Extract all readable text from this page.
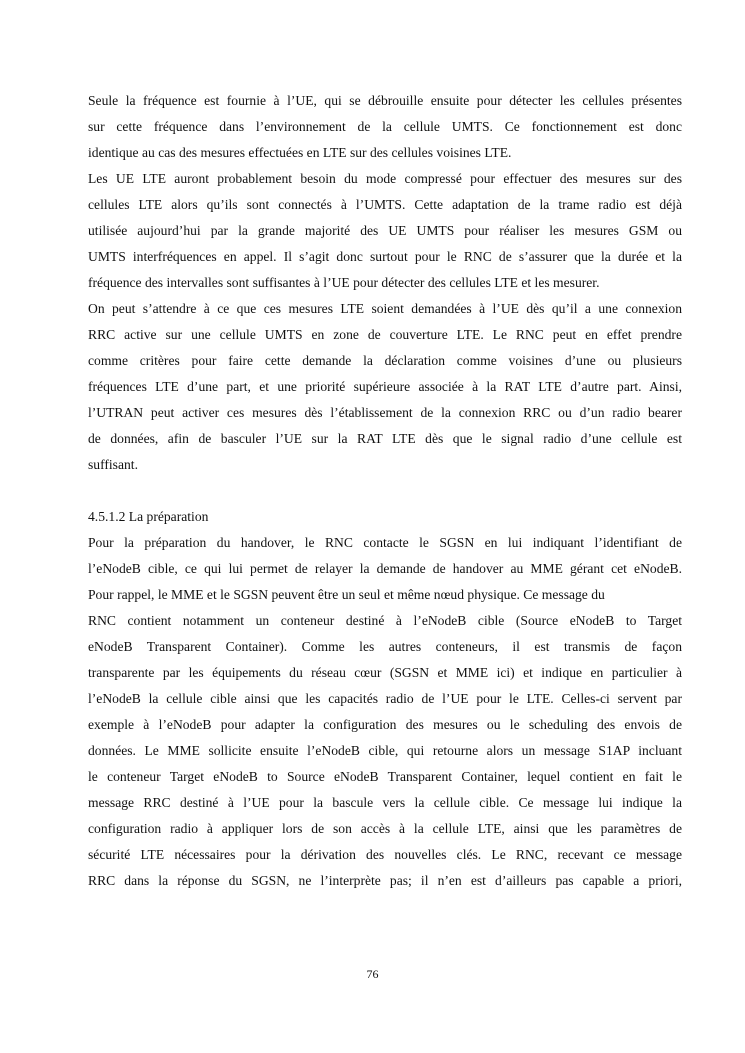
Seule la fréquence est fournie à l’UE, qui se débrouille ensuite pour détecter les cellules présentes
sur cette fréquence dans l’environnement de la cellule UMTS. Ce fonctionnement est donc
identique au cas des mesures effectuées en LTE sur des cellules voisines LTE.
Les UE LTE auront probablement besoin du mode compressé pour effectuer des mesures sur des
cellules LTE alors qu’ils sont connectés à l’UMTS. Cette adaptation de la trame radio est déjà
utilisée aujourd’hui par la grande majorité des UE UMTS pour réaliser les mesures GSM ou
UMTS interfréquences en appel. Il s’agit donc surtout pour le RNC de s’assurer que la durée et la
fréquence des intervalles sont suffisantes à l’UE pour détecter des cellules LTE et les mesurer.
On peut s’attendre à ce que ces mesures LTE soient demandées à l’UE dès qu’il a une connexion
RRC active sur une cellule UMTS en zone de couverture LTE. Le RNC peut en effet prendre
comme critères pour faire cette demande la déclaration comme voisines d’une ou plusieurs
fréquences LTE d’une part, et une priorité supérieure associée à la RAT LTE d’autre part. Ainsi,
l’UTRAN peut activer ces mesures dès l’établissement de la connexion RRC ou d’un radio bearer
de données, afin de basculer l’UE sur la RAT LTE dès que le signal radio d’une cellule est
suffisant.
4.5.1.2 La préparation
Pour la préparation du handover, le RNC contacte le SGSN en lui indiquant l’identifiant de
l’eNodeB cible, ce qui lui permet de relayer la demande de handover au MME gérant cet eNodeB.
Pour rappel, le MME et le SGSN peuvent être un seul et même nœud physique. Ce message du
RNC contient notamment un conteneur destiné à l’eNodeB cible (Source eNodeB to Target
eNodeB Transparent Container). Comme les autres conteneurs, il est transmis de façon
transparente par les équipements du réseau cœur (SGSN et MME ici) et indique en particulier à
l’eNodeB la cellule cible ainsi que les capacités radio de l’UE pour le LTE. Celles-ci servent par
exemple à l’eNodeB pour adapter la configuration des mesures ou le scheduling des envois de
données. Le MME sollicite ensuite l’eNodeB cible, qui retourne alors un message S1AP incluant
le conteneur Target eNodeB to Source eNodeB Transparent Container, lequel contient en fait le
message RRC destiné à l’UE pour la bascule vers la cellule cible. Ce message lui indique la
configuration radio à appliquer lors de son accès à la cellule LTE, ainsi que les paramètres de
sécurité LTE nécessaires pour la dérivation des nouvelles clés. Le RNC, recevant ce message
RRC dans la réponse du SGSN, ne l’interprète pas; il n’en est d’ailleurs pas capable a priori,
76
